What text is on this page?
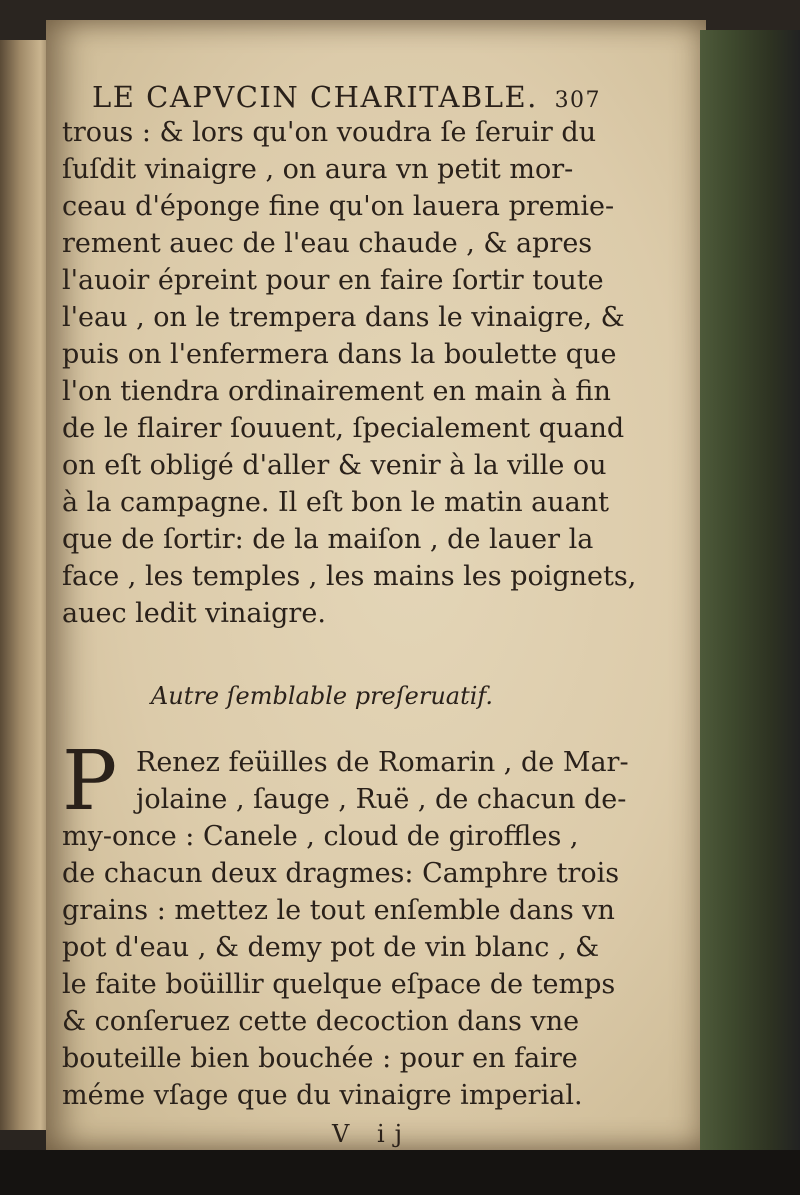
LE CAPVCIN CHARITABLE. 307

trous : & lors qu'on voudra ſe ſeruir du

ſuſdit vinaigre , on aura vn petit mor-

ceau d'éponge fine qu'on lauera premie-

rement auec de l'eau chaude , & apres

l'auoir épreint pour en faire ſortir toute

l'eau , on le trempera dans le vinaigre, &

puis on l'enfermera dans la boulette que

l'on tiendra ordinairement en main à fin

de le flairer ſouuent, ſpecialement quand

on eſt obligé d'aller & venir à la ville ou

à la campagne. Il eſt bon le matin auant

que de ſortir: de la maiſon , de lauer la

face , les temples , les mains les poignets,

auec ledit vinaigre.

Autre ſemblable preſeruatif.
P Renez feüilles de Romarin , de Mar-

jolaine , ſauge , Ruë , de chacun de-

my-once : Canele , cloud de giroffles ,

de chacun deux dragmes: Camphre trois

grains : mettez le tout enſemble dans vn

pot d'eau , & demy pot de vin blanc , &

le faite boüillir quelque eſpace de temps

& conſeruez cette decoction dans vne

bouteille bien bouchée : pour en faire

méme vſage que du vinaigre imperial.

V ij
